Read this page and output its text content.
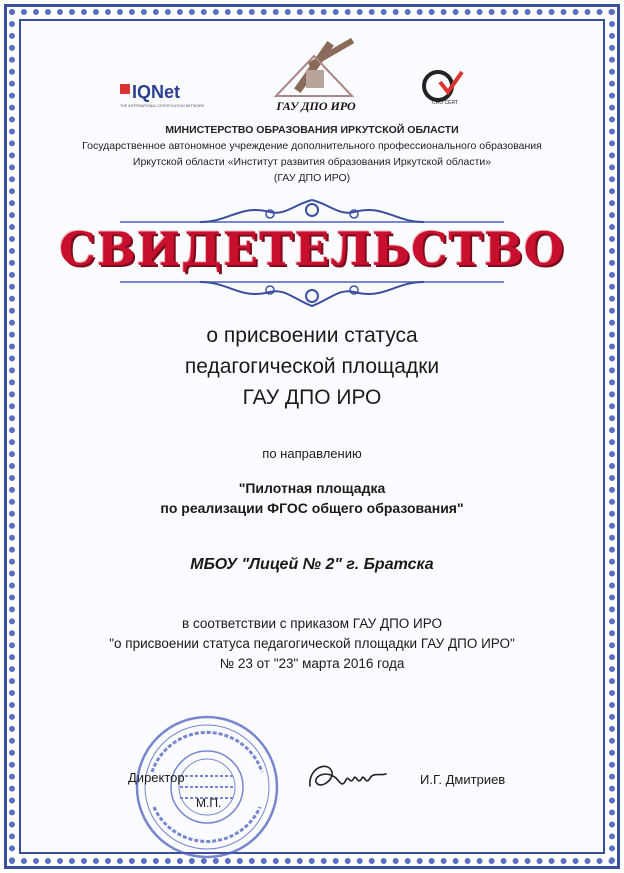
IQNet
THE INTERNATIONAL CERTIFICATION NETWORK	ГАУ ДПО ИРО	CRO CERT
МИНИСТЕРСТВО ОБРАЗОВАНИЯ ИРКУТСКОЙ ОБЛАСТИ
Государственное автономное учреждение дополнительного профессионального образования
Иркутской области «Институт развития образования Иркутской области»
(ГАУ ДПО ИРО)
СВИДЕТЕЛЬСТВО
о присвоении статуса
педагогической площадки
ГАУ ДПО ИРО
по направлению
"Пилотная площадка
по реализации ФГОС общего образования"
МБОУ "Лицей № 2" г. Братска
в соответствии с приказом ГАУ ДПО ИРО
"о присвоении статуса педагогической площадки ГАУ ДПО ИРО"
№ 23 от "23" марта 2016 года
Директор
М.П.
И.Г. Дмитриев
